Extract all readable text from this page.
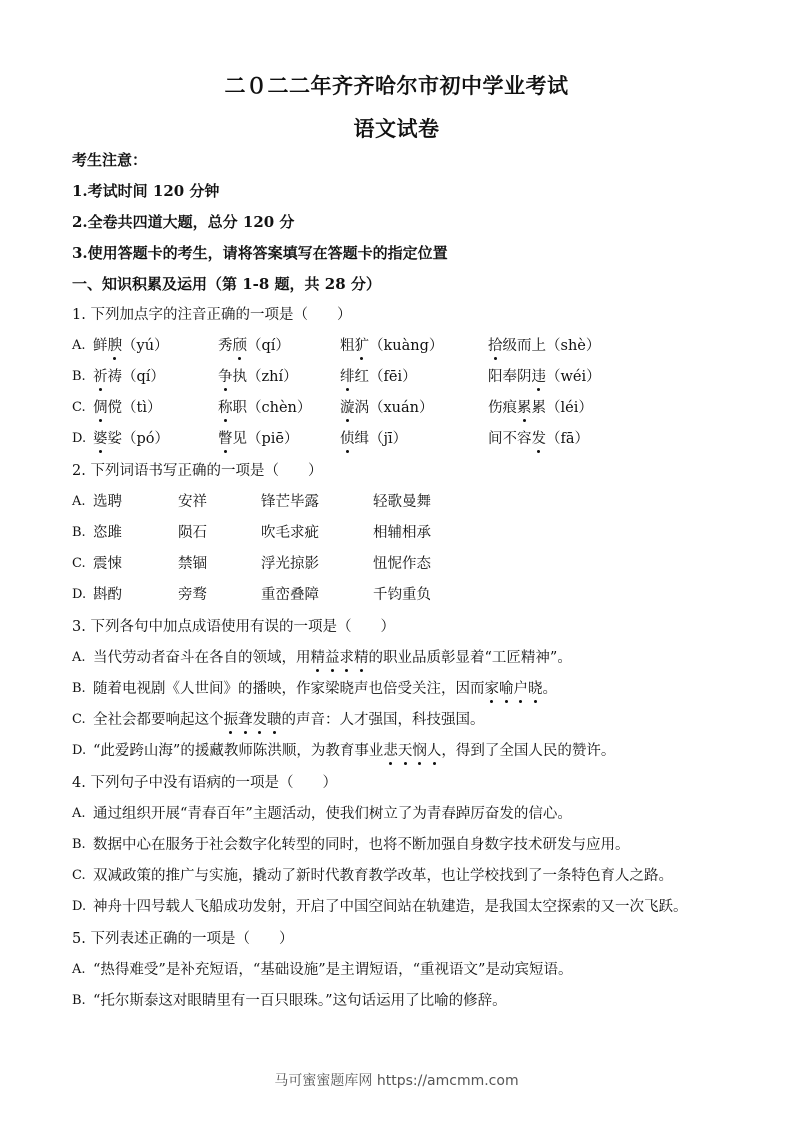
二０二二年齐齐哈尔市初中学业考试
语文试卷
考生注意：
1.考试时间 120 分钟
2.全卷共四道大题，总分 120 分
3.使用答题卡的考生，请将答案填写在答题卡的指定位置
一、知识积累及运用（第 1-8 题，共 28 分）
1. 下列加点字的注音正确的一项是（　　）
A. 鲜腴（yú）	秀颀（qí）	粗犷（kuàng）	拾级而上（shè）
B. 祈祷（qí）	争执（zhí）	绯红（fēi）	阳奉阴违（wéi）
C. 倜傥（tì）	称职（chèn） 漩涡（xuán）	伤痕累累（léi）
D. 婆娑（pó）	瞥见（piē）	侦缉（jī）	间不容发（fā）
2. 下列词语书写正确的一项是（　　）
A. 选聘	安祥	锋芒毕露	轻歌曼舞
B. 恣雎	陨石	吹毛求疵	相辅相承
C. 震悚	禁锢	浮光掠影	忸怩作态
D. 斟酌	旁骛	重峦叠障	千钧重负
3. 下列各句中加点成语使用有误的一项是（　　）
A. 当代劳动者奋斗在各自的领域，用精益求精的职业品质彰显着“工匠精神”。
B. 随着电视剧《人世间》的播映，作家梁晓声也倍受关注，因而家喻户晓。
C. 全社会都要响起这个振聋发聩的声音：人才强国，科技强国。
D. “此爱跨山海”的援藏教师陈洪顺，为教育事业悲天悯人，得到了全国人民的赞许。
4. 下列句子中没有语病的一项是（　　）
A. 通过组织开展“青春百年”主题活动，使我们树立了为青春踔厉奋发的信心。
B. 数据中心在服务于社会数字化转型的同时，也将不断加强自身数字技术研发与应用。
C. 双减政策的推广与实施，撬动了新时代教育教学改革，也让学校找到了一条特色育人之路。
D. 神舟十四号载人飞船成功发射，开启了中国空间站在轨建造，是我国太空探索的又一次飞跃。
5. 下列表述正确的一项是（　　）
A. “热得难受”是补充短语，“基础设施”是主谓短语，“重视语文”是动宾短语。
B. “托尔斯泰这对眼睛里有一百只眼珠。”这句话运用了比喻的修辞。
马可蜜蜜题库网 https://amcmm.com
